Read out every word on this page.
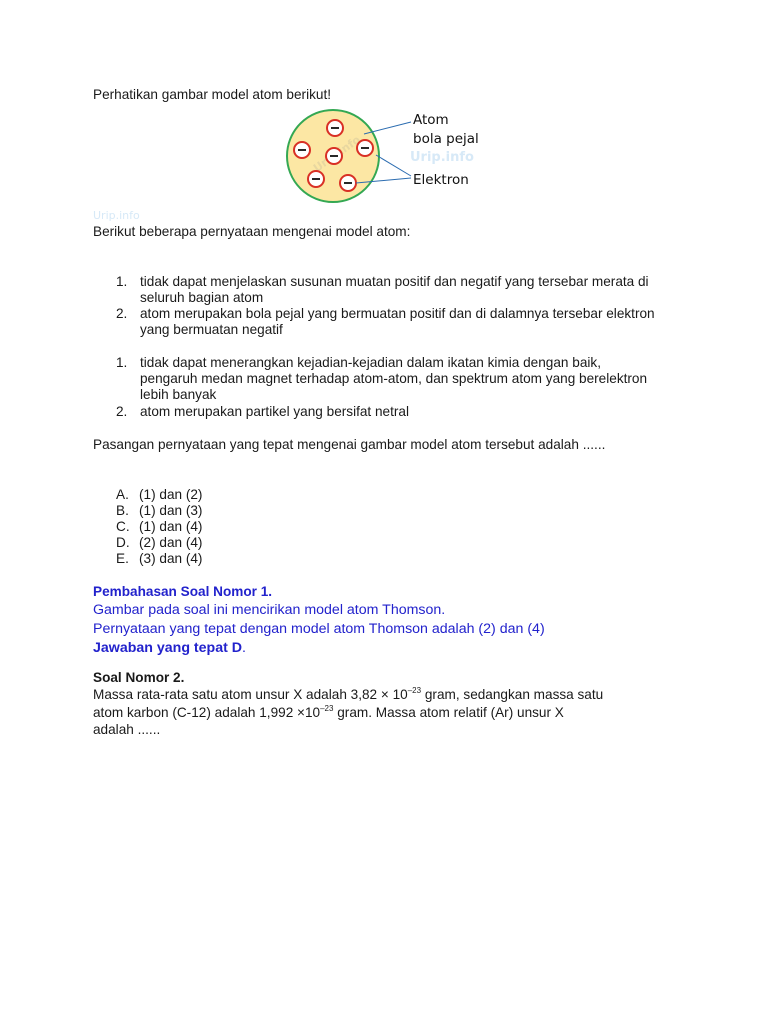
Perhatikan gambar model atom berikut!
Atom
bola pejal
Urip.info
Elektron
Urip.info
Berikut beberapa pernyataan mengenai model atom:
1. tidak dapat menjelaskan susunan muatan positif dan negatif yang tersebar merata di seluruh bagian atom
2. atom merupakan bola pejal yang bermuatan positif dan di dalamnya tersebar elektron yang bermuatan negatif
1. tidak dapat menerangkan kejadian-kejadian dalam ikatan kimia dengan baik, pengaruh medan magnet terhadap atom-atom, dan spektrum atom yang berelektron lebih banyak
2. atom merupakan partikel yang bersifat netral
Pasangan pernyataan yang tepat mengenai gambar model atom tersebut adalah ......
A. (1) dan (2)
B. (1) dan (3)
C. (1) dan (4)
D. (2) dan (4)
E. (3) dan (4)
Pembahasan Soal Nomor 1.
Gambar pada soal ini mencirikan model atom Thomson.
Pernyataan yang tepat dengan model atom Thomson adalah (2) dan (4)
Jawaban yang tepat D.
Soal Nomor 2.
Massa rata-rata satu atom unsur X adalah $3,82 \times 10^{-23}$ gram, sedangkan massa satu
atom karbon (C-12) adalah $1,992 \times 10^{-23}$ gram. Massa atom relatif (Ar) unsur X
adalah ......
